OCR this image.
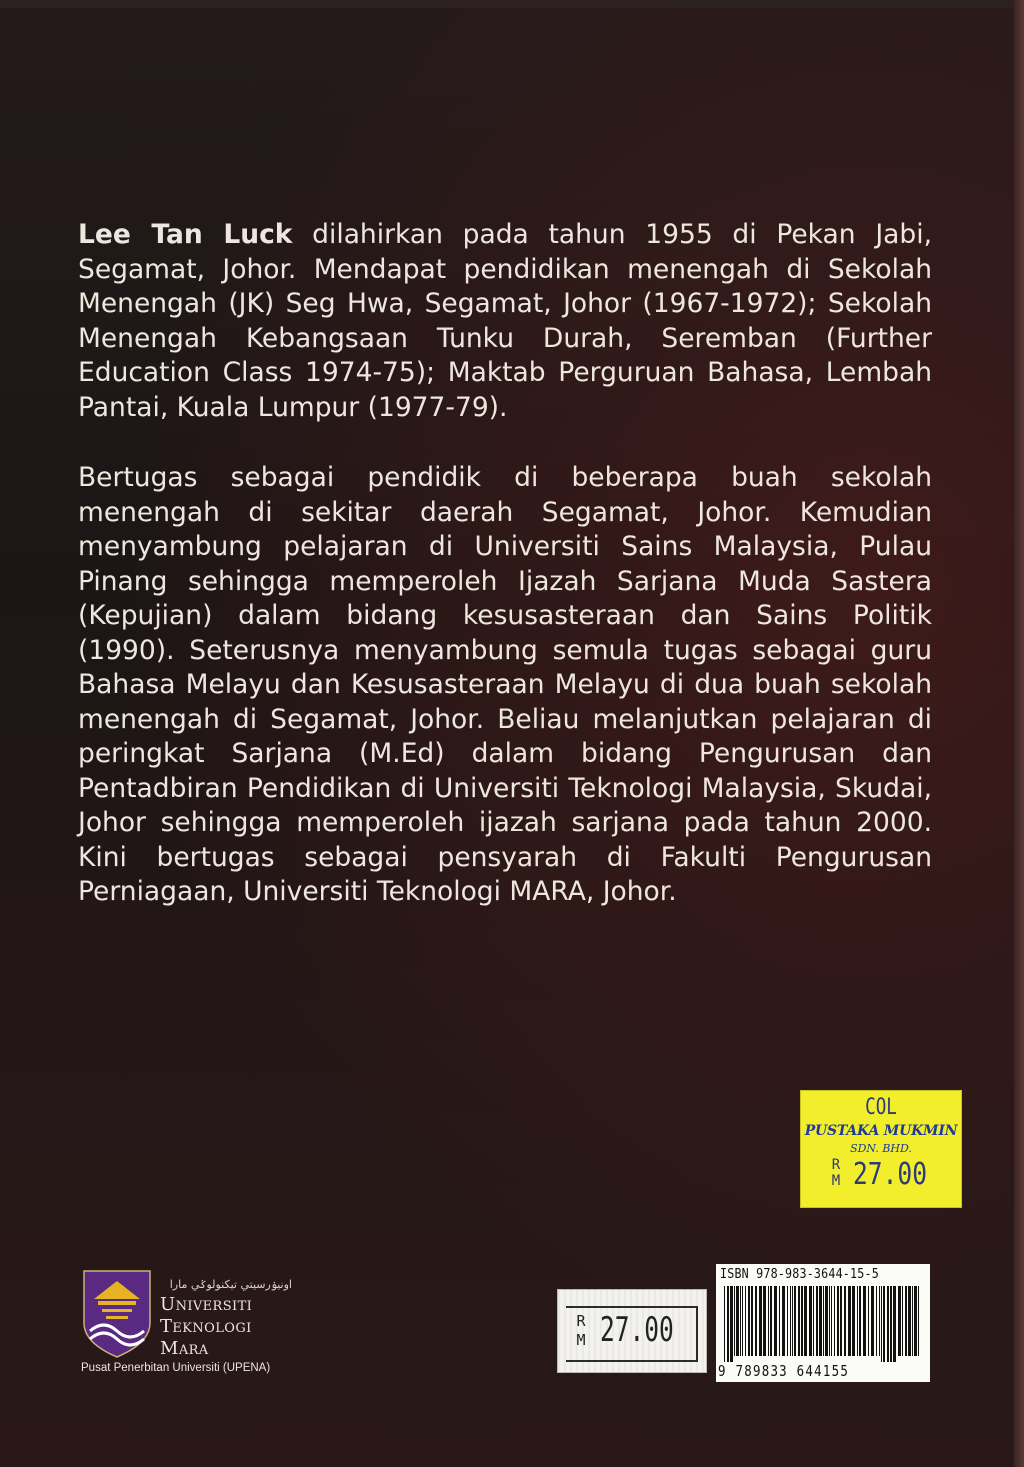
Lee Tan Luck dilahirkan pada tahun 1955 di Pekan Jabi, Segamat, Johor. Mendapat pendidikan menengah di Sekolah Menengah (JK) Seg Hwa, Segamat, Johor (1967-1972); Sekolah Menengah Kebangsaan Tunku Durah, Seremban (Further Education Class 1974-75); Maktab Perguruan Bahasa, Lembah Pantai, Kuala Lumpur (1977-79).

Bertugas sebagai pendidik di beberapa buah sekolah menengah di sekitar daerah Segamat, Johor. Kemudian menyambung pelajaran di Universiti Sains Malaysia, Pulau Pinang sehingga memperoleh Ijazah Sarjana Muda Sastera (Kepujian) dalam bidang kesusasteraan dan Sains Politik (1990). Seterusnya menyambung semula tugas sebagai guru Bahasa Melayu dan Kesusasteraan Melayu di dua buah sekolah menengah di Segamat, Johor. Beliau melanjutkan pelajaran di peringkat Sarjana (M.Ed) dalam bidang Pengurusan dan Pentadbiran Pendidikan di Universiti Teknologi Malaysia, Skudai, Johor sehingga memperoleh ijazah sarjana pada tahun 2000. Kini bertugas sebagai pensyarah di Fakulti Pengurusan Perniagaan, Universiti Teknologi MARA, Johor.

COL
PUSTAKA MUKMIN
SDN. BHD.
R
M 27.00
R
M 27.00
ISBN 978-983-3644-15-5
9 789833 644155
اونيۏرسيتي تيكنولوݢي مارا
Universiti
Teknologi
Mara
Pusat Penerbitan Universiti (UPENA)
